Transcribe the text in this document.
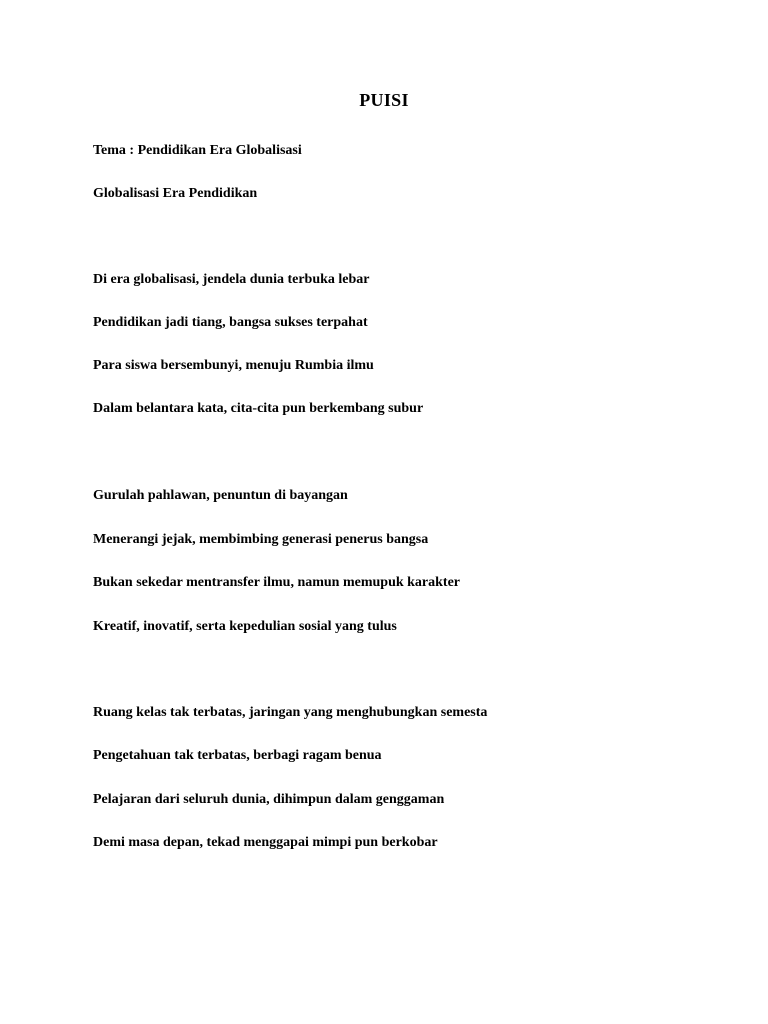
PUISI
Tema : Pendidikan Era Globalisasi
Globalisasi Era Pendidikan
Di era globalisasi, jendela dunia terbuka lebar
Pendidikan jadi tiang, bangsa sukses terpahat
Para siswa bersembunyi, menuju Rumbia ilmu
Dalam belantara kata, cita-cita pun berkembang subur
Gurulah pahlawan, penuntun di bayangan
Menerangi jejak, membimbing generasi penerus bangsa
Bukan sekedar mentransfer ilmu, namun memupuk karakter
Kreatif, inovatif, serta kepedulian sosial yang tulus
Ruang kelas tak terbatas, jaringan yang menghubungkan semesta
Pengetahuan tak terbatas, berbagi ragam benua
Pelajaran dari seluruh dunia, dihimpun dalam genggaman
Demi masa depan, tekad menggapai mimpi pun berkobar
